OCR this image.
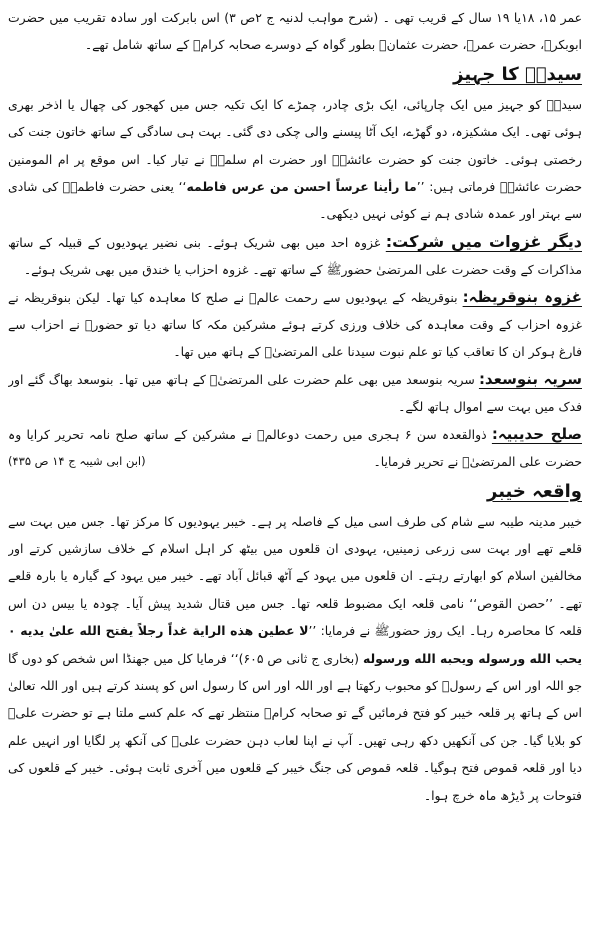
عمر ۱۵، ۱۸یا ۱۹ سال کے قریب تھی ۔ (شرح مواہب لدنیہ ج ۲ص ۳) اس بابرکت اور سادہ تقریب میں حضرت ابوبکرؓ، حضرت عمرؓ، حضرت عثمانؓ بطور گواہ کے دوسرے صحابہ کرامؓ کے ساتھ شامل تھے۔

سیدہؓ کا جہیز

سیدہؓ کو جہیز میں ایک چارپائی، ایک بڑی چادر، چمڑے کا ایک تکیہ جس میں کھجور کی چھال یا اذخر بھری ہوئی تھی۔ ایک مشکیزہ، دو گھڑے، ایک آٹا پیسنے والی چکی دی گئی۔ بہت ہی سادگی کے ساتھ خاتون جنت کی رخصتی ہوئی۔ خاتون جنت کو حضرت عائشہؓ اور حضرت ام سلمہؓ نے تیار کیا۔ اس موقع پر ام المومنین حضرت عائشہؓ فرماتی ہیں: ’’ما رأينا عرساً احسن من عرس فاطمه‘‘ یعنی حضرت فاطمہؓ کی شادی سے بہتر اور عمدہ شادی ہم نے کوئی نہیں دیکھی۔

دیگر غزوات میں شرکت: غزوہ احد میں بھی شریک ہوئے۔ بنی نضیر یہودیوں کے قبیلہ کے ساتھ مذاکرات کے وقت حضرت علی المرتضیٰ حضورﷺ کے ساتھ تھے۔ غزوہ احزاب یا خندق میں بھی شریک ہوئے۔

غزوہ بنوقریظہ: بنوقریظہ کے یہودیوں سے رحمت عالمﷺ نے صلح کا معاہدہ کیا تھا۔ لیکن بنوقریظہ نے غزوہ احزاب کے وقت معاہدہ کی خلاف ورزی کرتے ہوئے مشرکین مکہ کا ساتھ دیا تو حضورﷺ نے احزاب سے فارغ ہوکر ان کا تعاقب کیا تو علم نبوت سیدنا علی المرتضیٰؓ کے ہاتھ میں تھا۔

سریہ بنوسعد: سریہ بنوسعد میں بھی علم حضرت علی المرتضیٰؓ کے ہاتھ میں تھا۔ بنوسعد بھاگ گئے اور فدک میں بہت سے اموال ہاتھ لگے۔

صلح حدیبیہ: ذوالقعدہ سن ۶ ہجری میں رحمت دوعالمﷺ نے مشرکین کے ساتھ صلح نامہ تحریر کرایا وہ حضرت علی المرتضیٰؓ نے تحریر فرمایا۔
(ابن ابی شیبہ ج ۱۴ ص ۴۳۵)

واقعہ خیبر

خیبر مدینہ طیبہ سے شام کی طرف اسی میل کے فاصلہ پر ہے۔ خیبر یہودیوں کا مرکز تھا۔ جس میں بہت سے قلعے تھے اور بہت سی زرعی زمینیں، یہودی ان قلعوں میں بیٹھ کر اہل اسلام کے خلاف سازشیں کرتے اور مخالفین اسلام کو ابھارتے رہتے۔ ان قلعوں میں یہود کے آٹھ قبائل آباد تھے۔ خیبر میں یہود کے گیارہ یا بارہ قلعے تھے۔ ’’حصن القوص‘‘ نامی قلعہ ایک مضبوط قلعہ تھا۔ جس میں قتال شدید پیش آیا۔ چودہ یا بیس دن اس قلعہ کا محاصرہ رہا۔ ایک روز حضورﷺ نے فرمایا: ’’لا عطين هذه الراية غداً رجلاً يفتح الله علىٰ يديه ۰ يحب الله ورسوله ويحبه الله ورسوله (بخاری ج ثانی ص ۶۰۵)‘‘ فرمایا کل میں جھنڈا اس شخص کو دوں گا جو اللہ اور اس کے رسولﷺ کو محبوب رکھتا ہے اور اللہ اور اس کا رسول اس کو پسند کرتے ہیں اور اللہ تعالیٰ اس کے ہاتھ پر قلعہ خیبر کو فتح فرمائیں گے تو صحابہ کرامؓ منتظر تھے کہ علم کسے ملتا ہے تو حضرت علیؓ کو بلایا گیا۔ جن کی آنکھیں دکھ رہی تھیں۔ آپ نے اپنا لعاب دہن حضرت علیؓ کی آنکھ پر لگایا اور انہیں علم دیا اور قلعہ قموص فتح ہوگیا۔ قلعہ قموص کی جنگ خیبر کے قلعوں میں آخری ثابت ہوئی۔ خیبر کے قلعوں کی فتوحات پر ڈیڑھ ماہ خرچ ہوا۔
